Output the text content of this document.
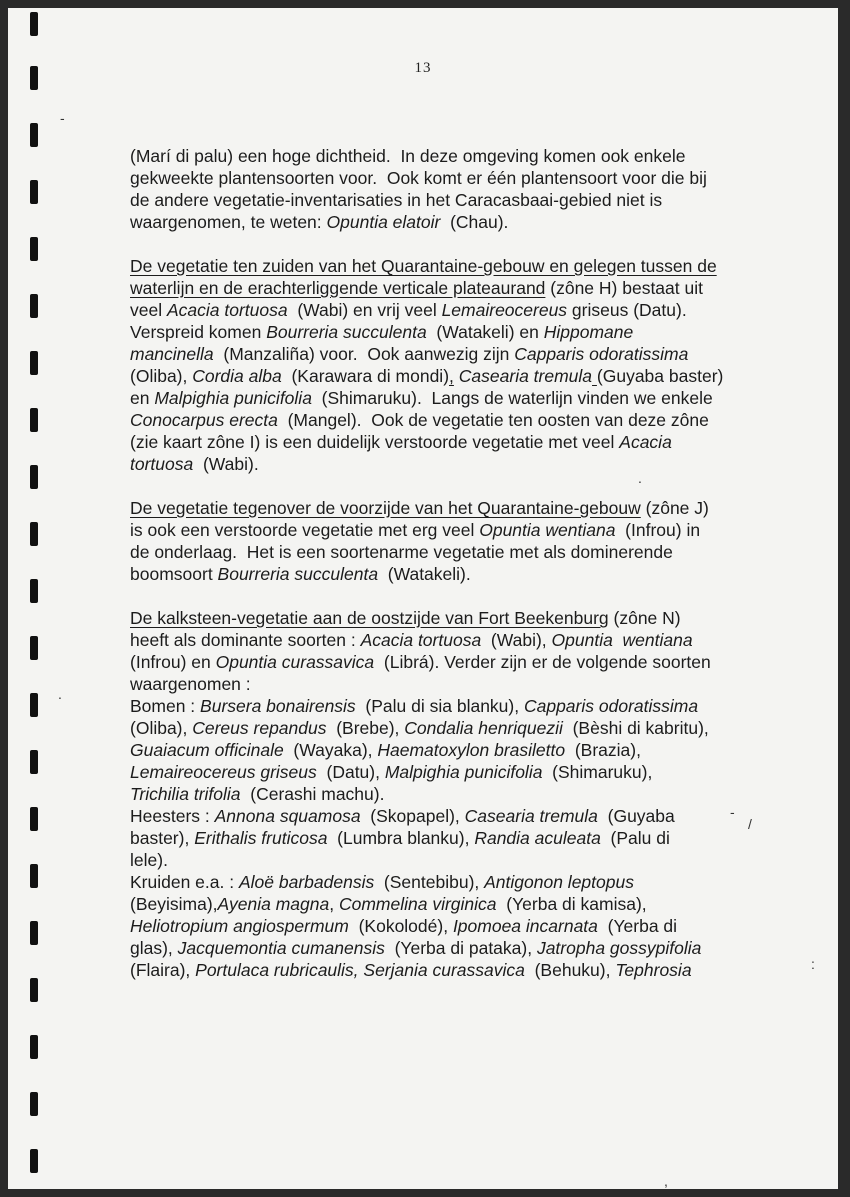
13
(Marí di palu) een hoge dichtheid.  In deze omgeving komen ook enkele
gekweekte plantensoorten voor.  Ook komt er één plantensoort voor die bij
de andere vegetatie-inventarisaties in het Caracasbaai-gebied niet is
waargenomen, te weten: Opuntia elatoir  (Chau).
De vegetatie ten zuiden van het Quarantaine-gebouw en gelegen tussen de
waterlijn en de erachterliggende verticale plateaurand (zône H) bestaat uit
veel Acacia tortuosa  (Wabi) en vrij veel Lemaireocereus griseus (Datu).
Verspreid komen Bourreria succulenta  (Watakeli) en Hippomane
mancinella  (Manzaliña) voor.  Ook aanwezig zijn Capparis odoratissima
(Oliba), Cordia alba  (Karawara di mondi), Casearia tremula (Guyaba baster)
en Malpighia punicifolia  (Shimaruku).  Langs de waterlijn vinden we enkele
Conocarpus erecta  (Mangel).  Ook de vegetatie ten oosten van deze zône
(zie kaart zône I) is een duidelijk verstoorde vegetatie met veel Acacia
tortuosa  (Wabi).
De vegetatie tegenover de voorzijde van het Quarantaine-gebouw (zône J)
is ook een verstoorde vegetatie met erg veel Opuntia wentiana  (Infrou) in
de onderlaag.  Het is een soortenarme vegetatie met als dominerende
boomsoort Bourreria succulenta  (Watakeli).
De kalksteen-vegetatie aan de oostzijde van Fort Beekenburg (zône N)
heeft als dominante soorten : Acacia tortuosa  (Wabi), Opuntia  wentiana
(Infrou) en Opuntia curassavica  (Librá). Verder zijn er de volgende soorten
waargenomen :
Bomen : Bursera bonairensis  (Palu di sia blanku), Capparis odoratissima
(Oliba), Cereus repandus  (Brebe), Condalia henriquezii  (Bèshi di kabritu),
Guaiacum officinale  (Wayaka), Haematoxylon brasiletto  (Brazia),
Lemaireocereus griseus  (Datu), Malpighia punicifolia  (Shimaruku),
Trichilia trifolia  (Cerashi machu).
Heesters : Annona squamosa  (Skopapel), Casearia tremula  (Guyaba
baster), Erithalis fruticosa  (Lumbra blanku), Randia aculeata  (Palu di
lele).
Kruiden e.a. : Aloë barbadensis  (Sentebibu), Antigonon leptopus
(Beyisima),Ayenia magna, Commelina virginica  (Yerba di kamisa),
Heliotropium angiospermum  (Kokolodé), Ipomoea incarnata  (Yerba di
glas), Jacquemontia cumanensis  (Yerba di pataka), Jatropha gossypifolia
(Flaira), Portulaca rubricaulis, Serjania curassavica  (Behuku), Tephrosia
-
.
.
-
/
:
,
